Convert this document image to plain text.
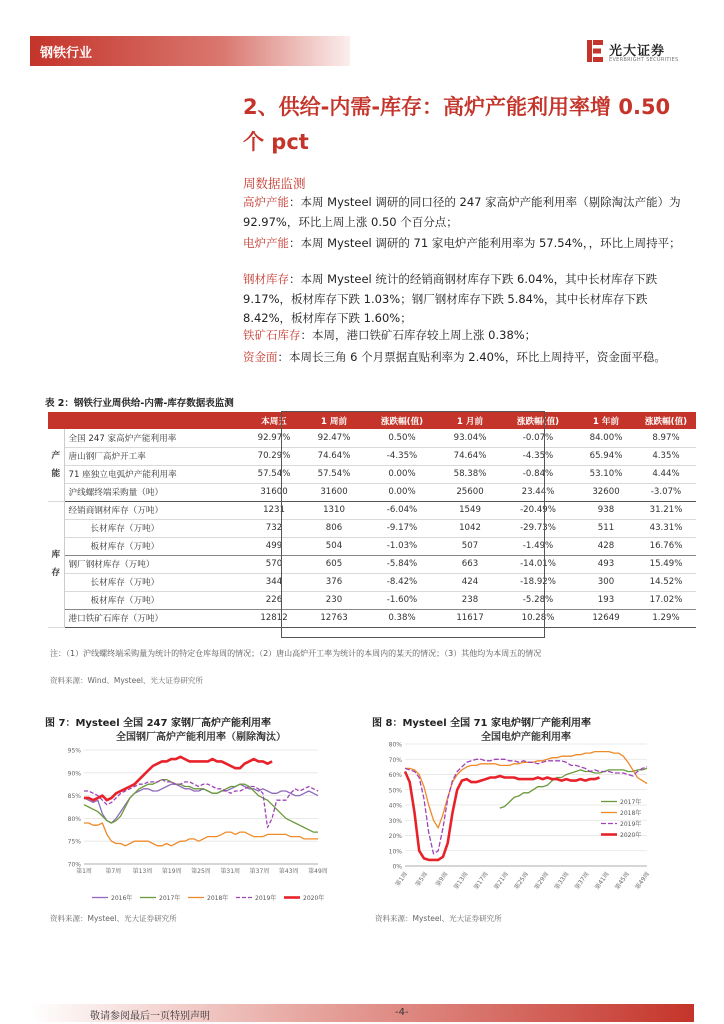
钢铁行业	光大证券
EVERBRIGHT SECURITIES
2、供给-内需-库存：高炉产能利用率增 0.50 个 pct
周数据监测
高炉产能：本周 Mysteel 调研的同口径的 247 家高炉产能利用率（剔除淘汰产能）为 92.97%，环比上周上涨 0.50 个百分点；
电炉产能：本周 Mysteel 调研的 71 家电炉产能利用率为 57.54%，，环比上周持平；
钢材库存：本周 Mysteel 统计的经销商钢材库存下跌 6.04%，其中长材库存下跌 9.17%，板材库存下跌 1.03%；钢厂钢材库存下跌 5.84%，其中长材库存下跌 8.42%，板材库存下跌 1.60%；
铁矿石库存：本周，港口铁矿石库存较上周上涨 0.38%；
资金面：本周长三角 6 个月票据直贴利率为 2.40%，环比上周持平，资金面平稳。
表 2：钢铁行业周供给-内需-库存数据表监测
		本周五	1 周前	涨跌幅(值)	1 月前	涨跌幅(值)	1 年前	涨跌幅(值)
产
能	全国 247 家高炉产能利用率	92.97%	92.47%	0.50%	93.04%	-0.07%	84.00%	8.97%
	唐山钢厂高炉开工率	70.29%	74.64%	-4.35%	74.64%	-4.35%	65.94%	4.35%
	71 座独立电弧炉产能利用率	57.54%	57.54%	0.00%	58.38%	-0.84%	53.10%	4.44%
	沪线螺终端采购量（吨）	31600	31600	0.00%	25600	23.44%	32600	-3.07%
库
存	经销商钢材库存（万吨）	1231	1310	-6.04%	1549	-20.49%	938	31.21%
	长材库存（万吨）	732	806	-9.17%	1042	-29.73%	511	43.31%
	板材库存（万吨）	499	504	-1.03%	507	-1.49%	428	16.76%
	钢厂钢材库存（万吨）	570	605	-5.84%	663	-14.01%	493	15.49%
	长材库存（万吨）	344	376	-8.42%	424	-18.92%	300	14.52%
	板材库存（万吨）	226	230	-1.60%	238	-5.28%	193	17.02%
	港口铁矿石库存（万吨）	12812	12763	0.38%	11617	10.28%	12649	1.29%
注：（1）沪线螺终端采购量为统计的特定仓库每周的情况；（2）唐山高炉开工率为统计的本周内的某天的情况；（3）其他均为本周五的情况
资料来源：Wind、Mysteel、光大证券研究所
图 7：Mysteel 全国 247 家钢厂高炉产能利用率
全国钢厂高炉产能利用率（剔除淘汰）
70%
75%
80%
85%
90%
95%
第1周 第7周 第13周 第19周 第25周 第31周 第37周 第43周 第49周
2016年	2017年	2018年	2019年	2020年
资料来源：Mysteel、光大证券研究所
图 8：Mysteel 全国 71 家电炉钢厂产能利用率
全国电炉产能利用率
0%
10%
20%
30%
40%
50%
60%
70%
80%
第1周 第5周 第9周 第13周 第17周 第21周 第25周 第29周 第33周 第37周 第41周 第45周 第49周
2017年
2018年
2019年
2020年
资料来源：Mysteel、光大证券研究所
敬请参阅最后一页特别声明	-4-
